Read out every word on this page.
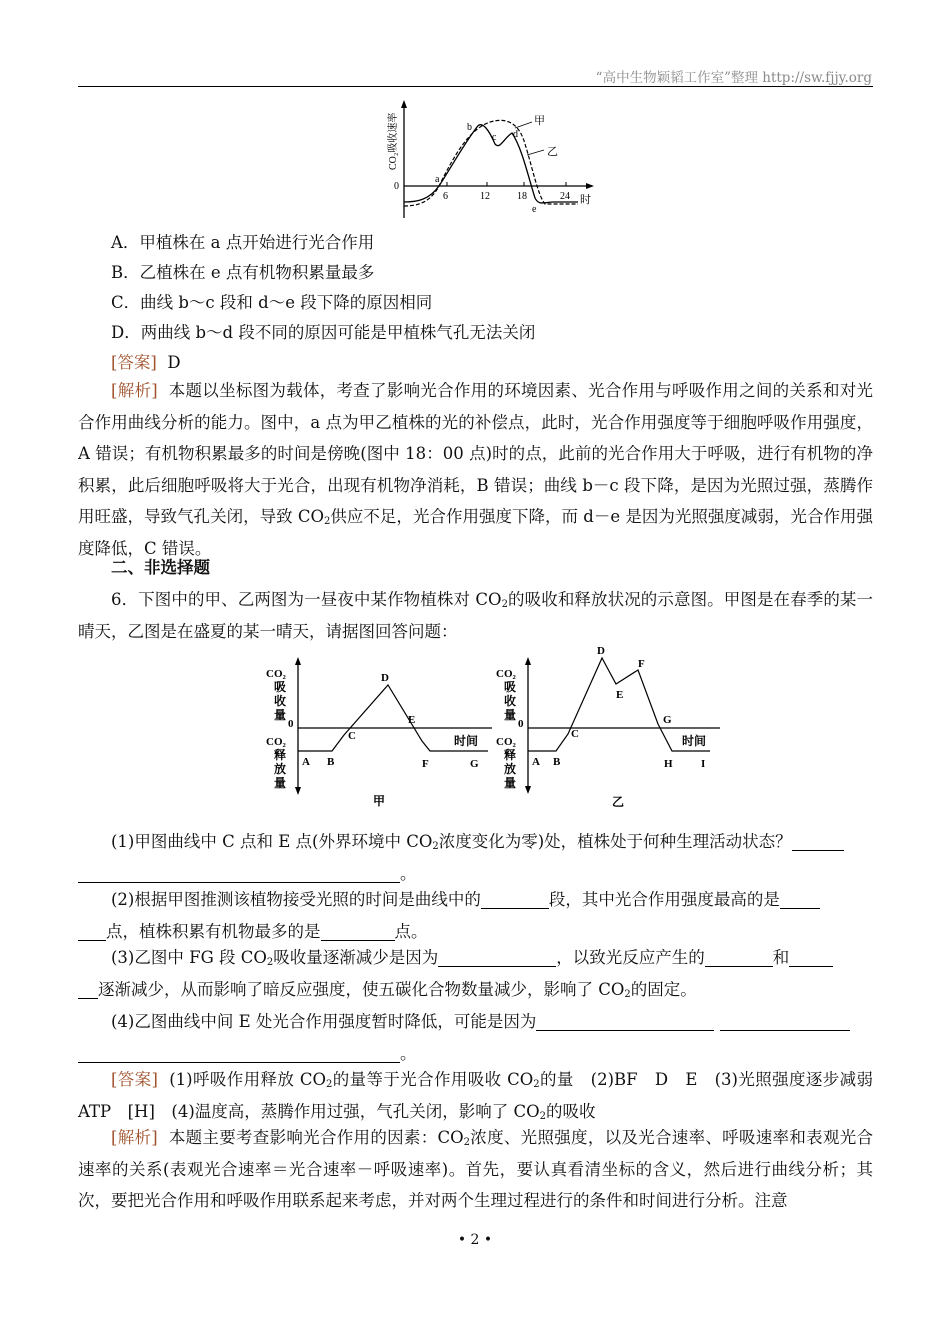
“高中生物颖韬工作室”整理 http://sw.fjjy.org
CO₂吸收速率
0
6	12	18	24 时
a
b
c d
e
甲
乙
A．甲植株在 a 点开始进行光合作用
B．乙植株在 e 点有机物积累量最多
C．曲线 b～c 段和 d～e 段下降的原因相同
D．两曲线 b～d 段不同的原因可能是甲植株气孔无法关闭
[答案] D
[解析] 本题以坐标图为载体，考查了影响光合作用的环境因素、光合作用与呼吸作用之间的关系和对光合作用曲线分析的能力。图中，a 点为甲乙植株的光的补偿点，此时，光合作用强度等于细胞呼吸作用强度，A 错误；有机物积累最多的时间是傍晚(图中 18：00 点)时的点，此前的光合作用大于呼吸，进行有机物的净积累，此后细胞呼吸将大于光合，出现有机物净消耗，B 错误；曲线 b－c 段下降，是因为光照过强，蒸腾作用旺盛，导致气孔关闭，导致 $CO_2$供应不足，光合作用强度下降，而 d－e 是因为光照强度减弱，光合作用强度降低，C 错误。
二、非选择题
6．下图中的甲、乙两图为一昼夜中某作物植株对 $CO_2$的吸收和释放状况的示意图。甲图是在春季的某一晴天，乙图是在盛夏的某一晴天，请据图回答问题：
CO₂
吸
收
量
CO₂
释
放
量
0
时间
A B
C
D
E
F	G
甲
CO₂
吸
收
量
CO₂
释
放
量
0
时间
A B
C
D
E
F
G
H	I
乙
(1)甲图曲线中 C 点和 E 点(外界环境中 $CO_2$浓度变化为零)处，植株处于何种生理活动状态？
。
(2)根据甲图推测该植物接受光照的时间是曲线中的	段，其中光合作用强度最高的是
点，植株积累有机物最多的是	点。
(3)乙图中 FG 段 $CO_2$吸收量逐渐减少是因为	，以致光反应产生的	和
逐渐减少，从而影响了暗反应强度，使五碳化合物数量减少，影响了 $CO_2$的固定。
(4)乙图曲线中间 E 处光合作用强度暂时降低，可能是因为
。
[答案] (1)呼吸作用释放 $CO_2$的量等于光合作用吸收 $CO_2$的量　(2)BF　D　E　(3)光照强度逐步减弱　ATP　[H]　(4)温度高，蒸腾作用过强，气孔关闭，影响了 $CO_2$的吸收
[解析] 本题主要考查影响光合作用的因素：$CO_2$浓度、光照强度，以及光合速率、呼吸速率和表观光合速率的关系(表观光合速率＝光合速率－呼吸速率)。首先，要认真看清坐标的含义，然后进行曲线分析；其次，要把光合作用和呼吸作用联系起来考虑，并对两个生理过程进行的条件和时间进行分析。注意
• 2 •
